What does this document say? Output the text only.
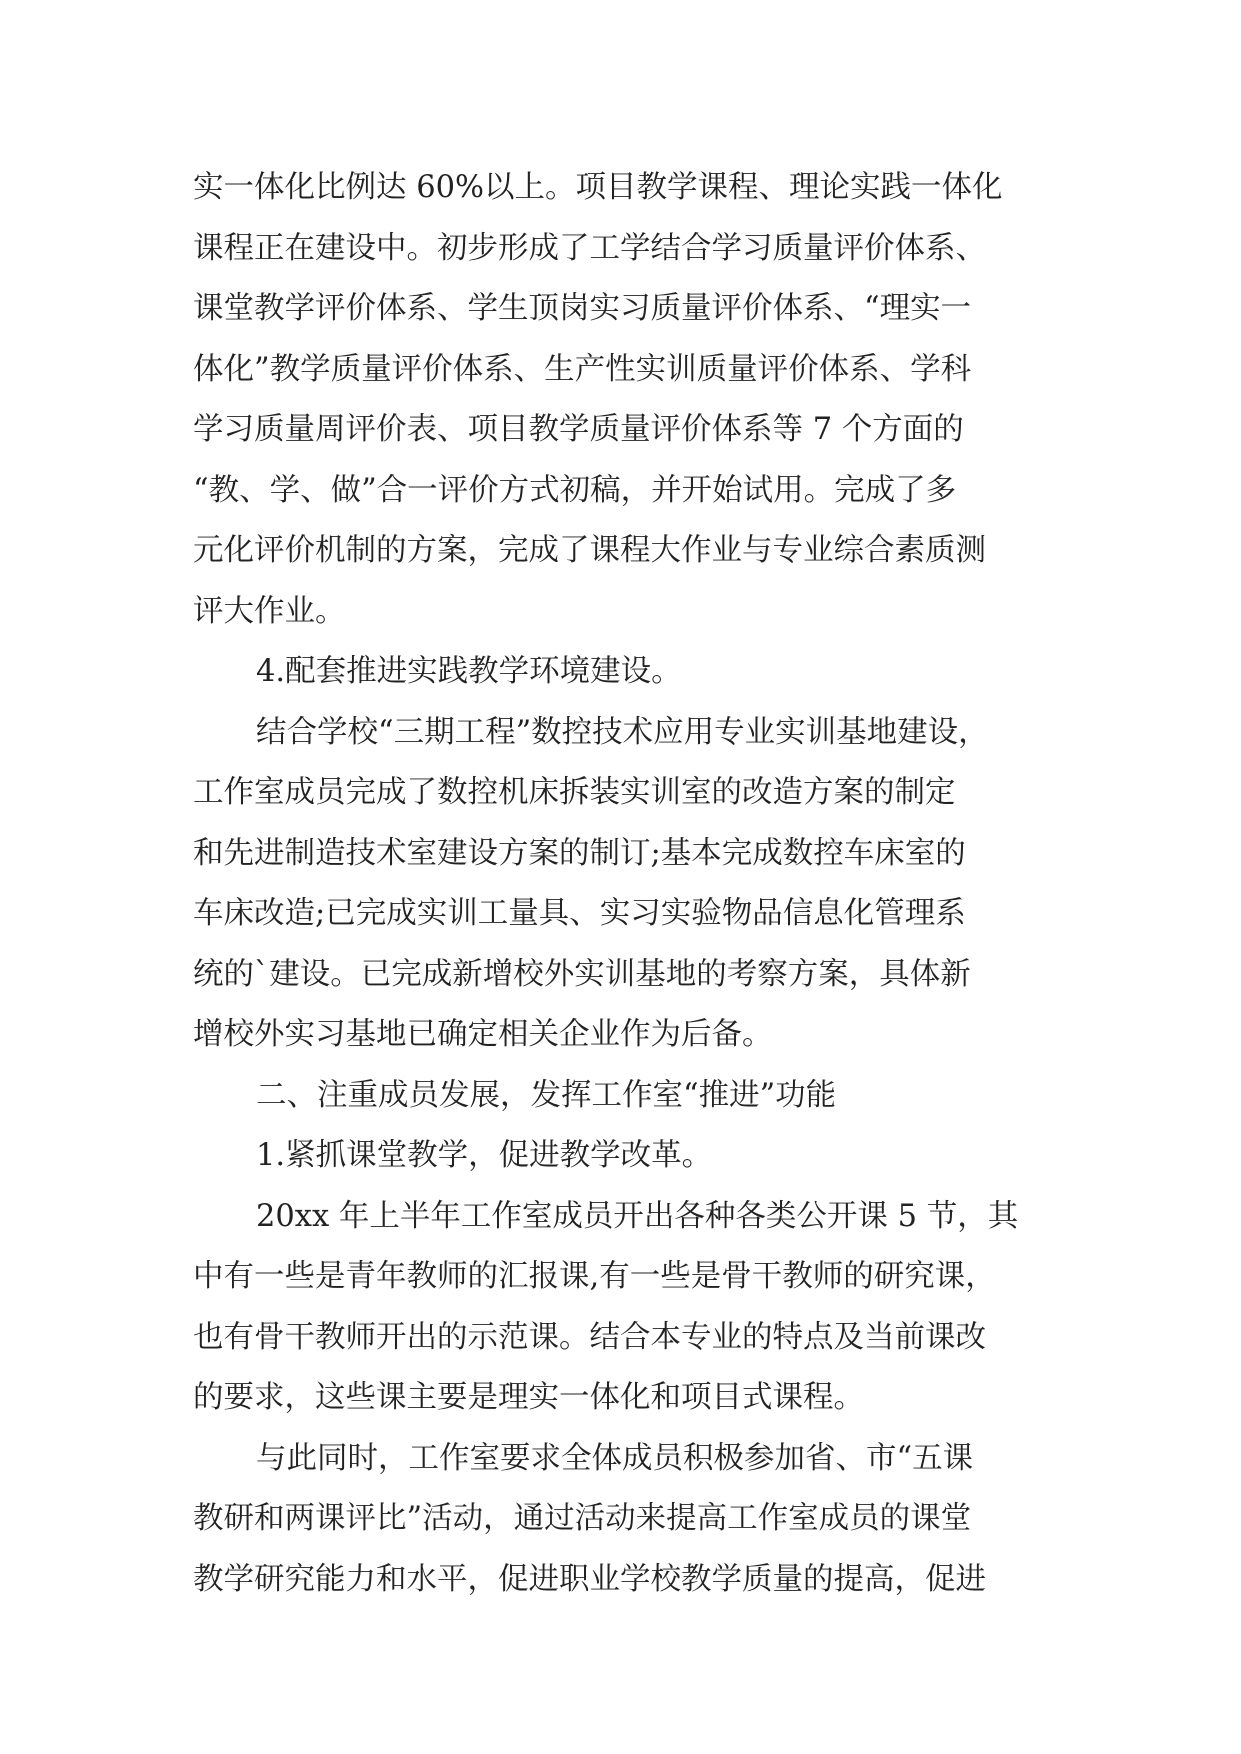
实一体化比例达 60%以上。项目教学课程、理论实践一体化
课程正在建设中。初步形成了工学结合学习质量评价体系、
课堂教学评价体系、学生顶岗实习质量评价体系、“理实一
体化”教学质量评价体系、生产性实训质量评价体系、学科
学习质量周评价表、项目教学质量评价体系等 7 个方面的
“教、学、做”合一评价方式初稿，并开始试用。完成了多
元化评价机制的方案，完成了课程大作业与专业综合素质测
评大作业。
4.配套推进实践教学环境建设。
结合学校“三期工程”数控技术应用专业实训基地建设，
工作室成员完成了数控机床拆装实训室的改造方案的制定
和先进制造技术室建设方案的制订;基本完成数控车床室的
车床改造;已完成实训工量具、实习实验物品信息化管理系
统的`建设。已完成新增校外实训基地的考察方案，具体新
增校外实习基地已确定相关企业作为后备。
二、注重成员发展，发挥工作室“推进”功能
1.紧抓课堂教学，促进教学改革。
20xx 年上半年工作室成员开出各种各类公开课 5 节，其
中有一些是青年教师的汇报课,有一些是骨干教师的研究课，
也有骨干教师开出的示范课。结合本专业的特点及当前课改
的要求，这些课主要是理实一体化和项目式课程。
与此同时，工作室要求全体成员积极参加省、市“五课
教研和两课评比”活动，通过活动来提高工作室成员的课堂
教学研究能力和水平，促进职业学校教学质量的提高，促进
